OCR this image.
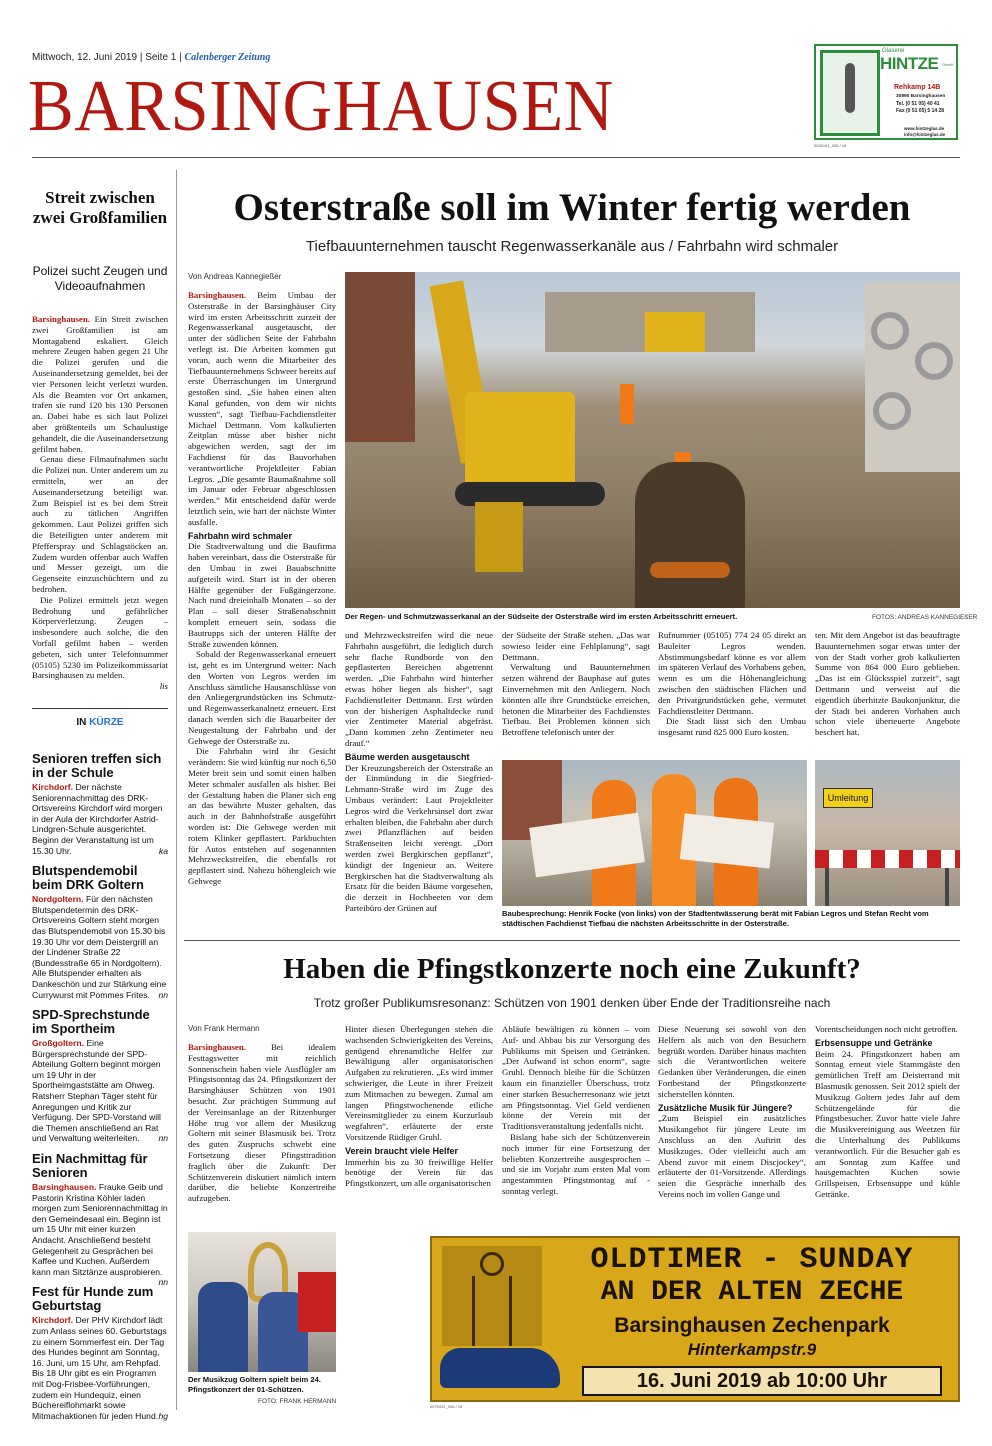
Mittwoch, 12. Juni 2019 | Seite 1 | Calenberger Zeitung
BARSINGHAUSEN
Glaserei
HINTZE GmbH
Rehkamp 14B
30890 Barsinghausen
Tel. (0 51 05) 40 41
Fax (0 51 05) 5 14 28
www.hintzeglas.de
info@hintzeglas.de
0006151_008 / 18
Streit zwischen zwei Großfamilien
Polizei sucht Zeugen und Videoaufnahmen

Barsinghausen. Ein Streit zwischen zwei Großfamilien ist am Montagabend eskaliert. Gleich mehrere Zeugen haben gegen 21 Uhr die Polizei gerufen und die Auseinandersetzung gemeldet, bei der vier Personen leicht verletzt wurden. Als die Beamten vor Ort ankamen, trafen sie rund 120 bis 130 Personen an. Dabei habe es sich laut Polizei aber größtenteils um Schaulustige gehandelt, die die Auseinandersetzung gefilmt haben.

Genau diese Filmaufnahmen sucht die Polizei nun. Unter anderem um zu ermitteln, wer an der Auseinandersetzung beteiligt war. Zum Beispiel ist es bei dem Streit auch zu tätlichen Angriffen gekommen. Laut Polizei griffen sich die Beteiligten unter anderem mit Pfefferspray und Schlagstöcken an. Zudem wurden offenbar auch Waffen und Messer gezeigt, um die Gegenseite einzuschüchtern und zu bedrohen.

Die Polizei ermittelt jetzt wegen Bedrohung und gefährlicher Körperverletzung. Zeugen – insbesondere auch solche, die den Vorfall gefilmt haben – werden gebeten, sich unter Telefonnummer (05105) 5230 im Polizeikommissariat Barsinghausen zu melden.

lis

IN KÜRZE
Senioren treffen sich in der Schule

Kirchdorf. Der nächste Seniorennachmittag des DRK-Ortsvereins Kirchdorf wird morgen in der Aula der Kirchdorfer Astrid-Lindgren-Schule ausgerichtet. Beginn der Veranstaltung ist um 15.30 Uhr.	ka

Blutspendemobil beim DRK Goltern

Nordgoltern. Für den nächsten Blutspendetermin des DRK-Ortsvereins Goltern steht morgen das Blutspendemobil von 15.30 bis 19.30 Uhr vor dem Deistergrill an der Lindener Straße 22 (Bundesstraße 65 in Nordgoltern). Alle Blutspender erhalten als Dankeschön und zur Stärkung eine Currywurst mit Pommes Frites. nn

SPD-Sprechstunde im Sportheim

Großgoltern. Eine Bürgersprechstunde der SPD-Abteilung Goltern beginnt morgen um 19 Uhr in der Sportheimgaststätte am Ohweg. Ratsherr Stephan Täger steht für Anregungen und Kritik zur Verfügung. Der SPD-Vorstand will die Themen anschließend an Rat und Verwaltung weiterleiten. nn

Ein Nachmittag für Senioren

Barsinghausen. Frauke Geib und Pastorin Kristina Köhler laden morgen zum Seniorennachmittag in den Gemeindesaal ein. Beginn ist um 15 Uhr mit einer kurzen Andacht. Anschließend besteht Gelegenheit zu Gesprächen bei Kaffee und Kuchen. Außerdem kann man Sitztänze ausprobieren.
nn

Fest für Hunde zum Geburtstag

Kirchdorf. Der PHV Kirchdorf lädt zum Anlass seines 60. Geburtstags zu einem Sommerfest ein. Der Tag des Hundes beginnt am Sonntag, 16. Juni, um 15 Uhr, am Rehpfad. Bis 18 Uhr gibt es ein Programm mit Dog-Frisbee-Vorführungen, zudem ein Hundequiz, einen Büchereiflohmarkt sowie Mitmachaktionen für jeden Hund. hg

Osterstraße soll im Winter fertig werden
Tiefbauunternehmen tauscht Regenwasserkanäle aus / Fahrbahn wird schmaler
Von Andreas Kannegießer

Barsinghausen. Beim Umbau der Osterstraße in der Barsinghäuser City wird im ersten Arbeitsschritt zurzeit der Regenwasserkanal ausgetauscht, der unter der südlichen Seite der Fahrbahn verlegt ist. Die Arbeiten kommen gut voran, auch wenn die Mitarbeiter des Tiefbauunternehmens Schweer bereits auf erste Überraschungen im Untergrund gestoßen sind. „Sie haben einen alten Kanal gefunden, von dem wir nichts wussten“, sagt Tiefbau-Fachdienstleiter Michael Dettmann. Vom kalkulierten Zeitplan müsse aber bisher nicht abgewichen werden, sagt der im Fachdienst für das Bauvorhaben verantwortliche Projektleiter Fabian Legros. „Die gesamte Baumaßnahme soll im Januar oder Februar abgeschlossen werden.“ Mit entscheidend dafür werde letztlich sein, wie hart der nächste Winter ausfalle.

Fahrbahn wird schmaler

Die Stadtverwaltung und die Baufirma haben vereinbart, dass die Osterstraße für den Umbau in zwei Bauabschnitte aufgeteilt wird. Start ist in der oberen Hälfte gegenüber der Fußgängerzone. Nach rund dreieinhalb Monaten – so der Plan – soll dieser Straßenabschnitt komplett erneuert sein, sodass die Bautrupps sich der unteren Hälfte der Straße zuwenden können.

Sobald der Regenwasserkanal erneuert ist, geht es im Untergrund weiter: Nach den Worten von Legros werden im Anschluss sämtliche Hausanschlüsse von den Anliegergrundstücken ins Schmutz- und Regenwasserkanalnetz erneuert. Erst danach werden sich die Bauarbeiter der Neugestaltung der Fahrbahn und der Gehwege der Osterstraße zu.

Die Fahrbahn wird ihr Gesicht verändern: Sie wird künftig nur noch 6,50 Meter breit sein und somit einen halben Meter schmaler ausfallen als bisher. Bei der Gestaltung haben die Planer sich eng an das bewährte Muster gehalten, das auch in der Bahnhofstraße ausgeführt worden ist: Die Gehwege werden mit rotem Klinker gepflastert. Parkbuchten für Autos entstehen auf sogenannten Mehrzweckstreifen, die ebenfalls rot gepflastert sind. Nahezu höhengleich wie Gehwege

Der Regen- und Schmutzwasserkanal an der Südseite der Osterstraße wird im ersten Arbeitsschritt erneuert.	FOTOS: ANDREAS KANNEGIEßER

und Mehrzweckstreifen wird die neue Fahrbahn ausgeführt, die lediglich durch sehr flache Rundborde von den gepflasterten Bereichen abgetrennt werden. „Die Fahrbahn wird hinterher etwas höher liegen als bisher“, sagt Fachdienstleiter Dettmann. Erst würden von der bisherigen Asphaltdecke rund vier Zentimeter Material abgefräst. „Dann kommen zehn Zentimeter neu drauf.“

Bäume werden ausgetauscht

Der Kreuzungsbereich der Osterstraße an der Einmündung in die Siegfried-Lehmann-Straße wird im Zuge des Umbaus verändert: Laut Projektleiter Legros wird die Verkehrsinsel dort zwar erhalten bleiben, die Fahrbahn aber durch zwei Pflanzflächen auf beiden Straßenseiten leicht verengt. „Dort werden zwei Bergkirschen gepflanzt“, kündigt der Ingenieur an. Weitere Bergkirschen hat die Stadtverwaltung als Ersatz für die beiden Bäume vorgesehen, die derzeit in Hochbeeten vor dem Parteibüro der Grünen auf

der Südseite der Straße stehen. „Das war sowieso leider eine Fehlplanung“, sagt Dettmann.

Verwaltung und Bauunternehmen setzen während der Bauphase auf gutes Einvernehmen mit den Anliegern. Noch könnten alle ihre Grundstücke erreichen, betonen die Mitarbeiter des Fachdienstes Tiefbau. Bei Problemen können sich Betroffene telefonisch unter der

Rufnummer (05105) 774 24 05 direkt an Bauleiter Legros wenden. Abstimmungsbedarf könne es vor allem im späteren Verlauf des Vorhabens geben, wenn es um die Höhenangleichung zwischen den städtischen Flächen und den Privatgrundstücken gehe, vermutet Fachdienstleiter Dettmann.

Die Stadt lässt sich den Umbau insgesamt rund 825 000 Euro kosten.

ten. Mit dem Angebot ist das beauftragte Bauunternehmen sogar etwas unter der von der Stadt vorher grob kalkulierten Summe von 864 000 Euro geblieben. „Das ist ein Glücksspiel zurzeit“, sagt Dettmann und verweist auf die eigentlich überhitzte Baukonjunktur, die der Stadt bei anderen Vorhaben auch schon viele überteuerte Angebote beschert hat.

Umleitung
Baubesprechung: Henrik Focke (von links) von der Stadtentwässerung berät mit Fabian Legros und Stefan Recht vom städtischen Fachdienst Tiefbau die nächsten Arbeitsschritte in der Osterstraße.
Haben die Pfingstkonzerte noch eine Zukunft?
Trotz großer Publikumsresonanz: Schützen von 1901 denken über Ende der Traditionsreihe nach
Von Frank Hermann

Barsinghausen.	Bei idealem Festtagswetter mit reichlich Sonnenschein haben viele Ausflügler am Pfingstsonntag das 24. Pfingstkonzert der Barsinghäuser Schützen von 1901 besucht. Zur prächtigen Stimmung auf der Vereinsanlage an der Ritzenburger Höhe trug vor allem der Musikzug Goltern mit seiner Blasmusik bei. Trotz des guten Zuspruchs schwebt eine Fortsetzung dieser Pfingsttradition fraglich über die Zukunft: Der Schützenverein diskutiert nämlich intern darüber, die beliebte Konzertreihe aufzugeben.

Hinter diesen Überlegungen stehen die wachsenden Schwierigkeiten des Vereins, genügend ehrenamtliche Helfer zur Bewältigung aller organisatorischen Aufgaben zu rekrutieren. „Es wird immer schwieriger, die Leute in ihrer Freizeit zum Mitmachen zu bewegen. Zumal am langen Pfingstwochenende etliche Vereinsmitglieder zu einem Kurzurlaub wegfahren“, erläuterte der erste Vorsitzende Rüdiger Gruhl.

Verein braucht viele Helfer

Immerhin bis zu 30 freiwillige Helfer benötige der Verein für das Pfingstkonzert, um alle organisatorischen

Abläufe bewältigen zu können – vom Auf- und Abbau bis zur Versorgung des Publikums mit Speisen und Getränken. „Der Aufwand ist schon enorm“, sagte Gruhl. Dennoch bleibe für die Schützen kaum ein finanzieller Überschuss, trotz einer starken Besucherresonanz wie jetzt am Pfingstsonntag. Viel Geld verdienen könne der Verein mit der Traditionsveranstaltung jedenfalls nicht.

Bislang habe sich der Schützenverein noch immer für eine Fortsetzung der beliebten Konzertreihe ausgesprochen – und sie im Vorjahr zum ersten Mal vom angestammten Pfingstmontag auf -sonntag verlegt.

Diese Neuerung sei sowohl von den Helfern als auch von den Besuchern begrüßt worden. Darüber hinaus machten sich die Verantwortlichen weitere Gedanken über Veränderungen, die einen Fortbestand der Pfingstkonzerte sicherstellen könnten.

Zusätzliche Musik für Jüngere?

„Zum Beispiel ein zusätzliches Musikangebot für jüngere Leute im Anschluss an den Auftritt des Musikzuges. Oder vielleicht auch am Abend zuvor mit einem Discjockey“, erläuterte der 01-Vorsitzende. Allerdings seien die Gespräche innerhalb des Vereins noch im vollen Gange und

Vorentscheidungen noch nicht getroffen.

Erbsensuppe und Getränke

Beim 24. Pfingstkonzert haben am Sonntag erneut viele Stammgäste den gemütlichen Treff am Deisterrand mit Blasmusik genossen. Seit 2012 spielt der Musikzug Goltern jedes Jahr auf dem Schützengelände für die Pfingstbesucher. Zuvor hatte viele Jahre die Musikvereinigung aus Weetzen für die Unterhaltung des Publikums verantwortlich. Für die Besucher gab es am Sonntag zum Kaffee und hausgemachten Kuchen sowie Grillspeisen, Erbsensuppe und kühle Getränke.

Der Musikzug Goltern spielt beim 24. Pfingstkonzert der 01-Schützen.
FOTO: FRANK HERMANN
OLDTIMER - SUNDAY
AN DER ALTEN ZECHE
Barsinghausen Zechenpark
Hinterkampstr.9
16. Juni 2019 ab 10:00 Uhr
0075431_006 / 18
